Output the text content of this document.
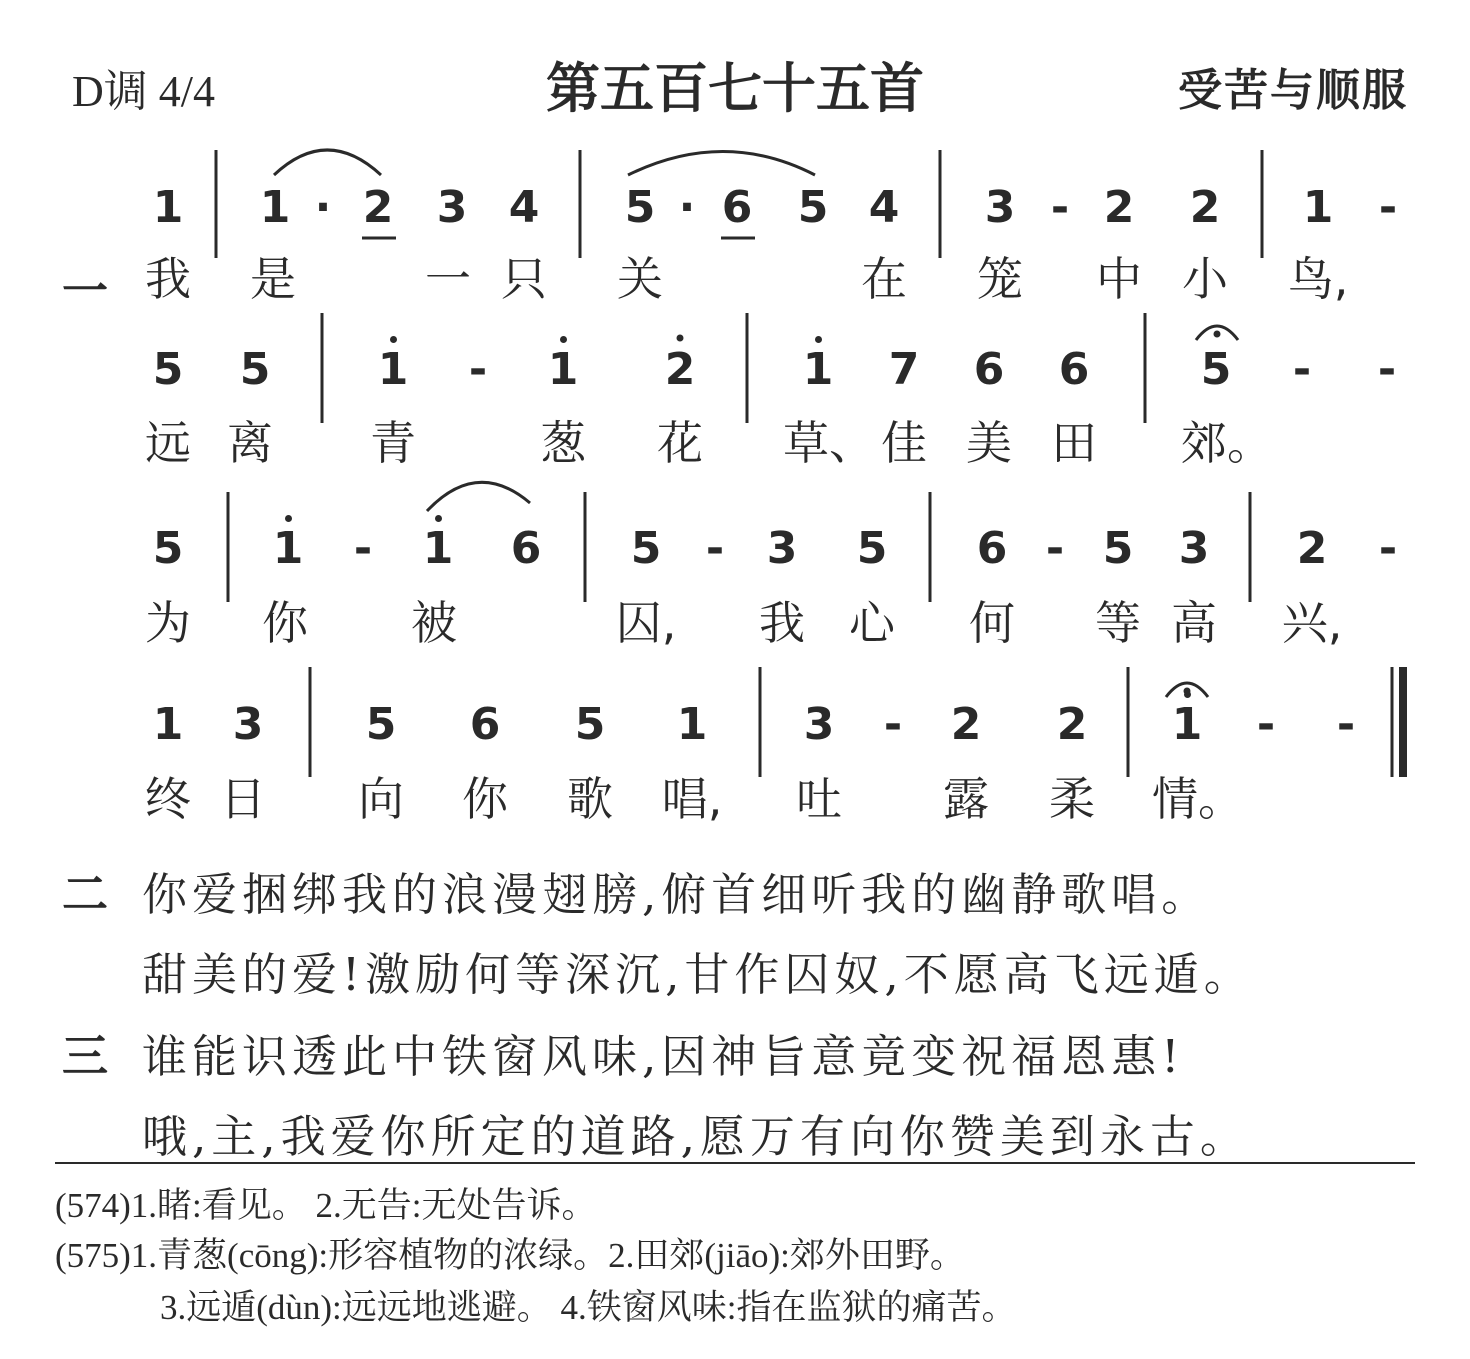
D调 4/4	第五百七十五首	受苦与顺服
一
1	1 · 2 3 4	5 · 6	5 4	3 - 2	2	1	-
我 是	一 只 关	在 笼 中 小 鸟,
5	5	1	-	1	2	1	7	6	6	5	-	-
远 离 青	葱 花 草、 佳 美 田 郊。
5	1	-	1	6	5	- 3	5	6 - 5	3	2	-
为 你 被	囚, 我 心 何 等 高 兴,
1	3	5	6	5	1	3	-	2	2	1	-	-
终 日 向 你 歌 唱, 吐 露 柔 情。
二 你爱捆绑我的浪漫翅膀,俯首细听我的幽静歌唱。
甜美的爱!激励何等深沉,甘作囚奴,不愿高飞远遁。
三 谁能识透此中铁窗风味,因神旨意竟变祝福恩惠!
哦,主,我爱你所定的道路,愿万有向你赞美到永古。
(574)1.睹:看见。 2.无告:无处告诉。
(575)1.青葱(cōng):形容植物的浓绿。2.田郊(jiāo):郊外田野。
3.远遁(dùn):远远地逃避。 4.铁窗风味:指在监狱的痛苦。
